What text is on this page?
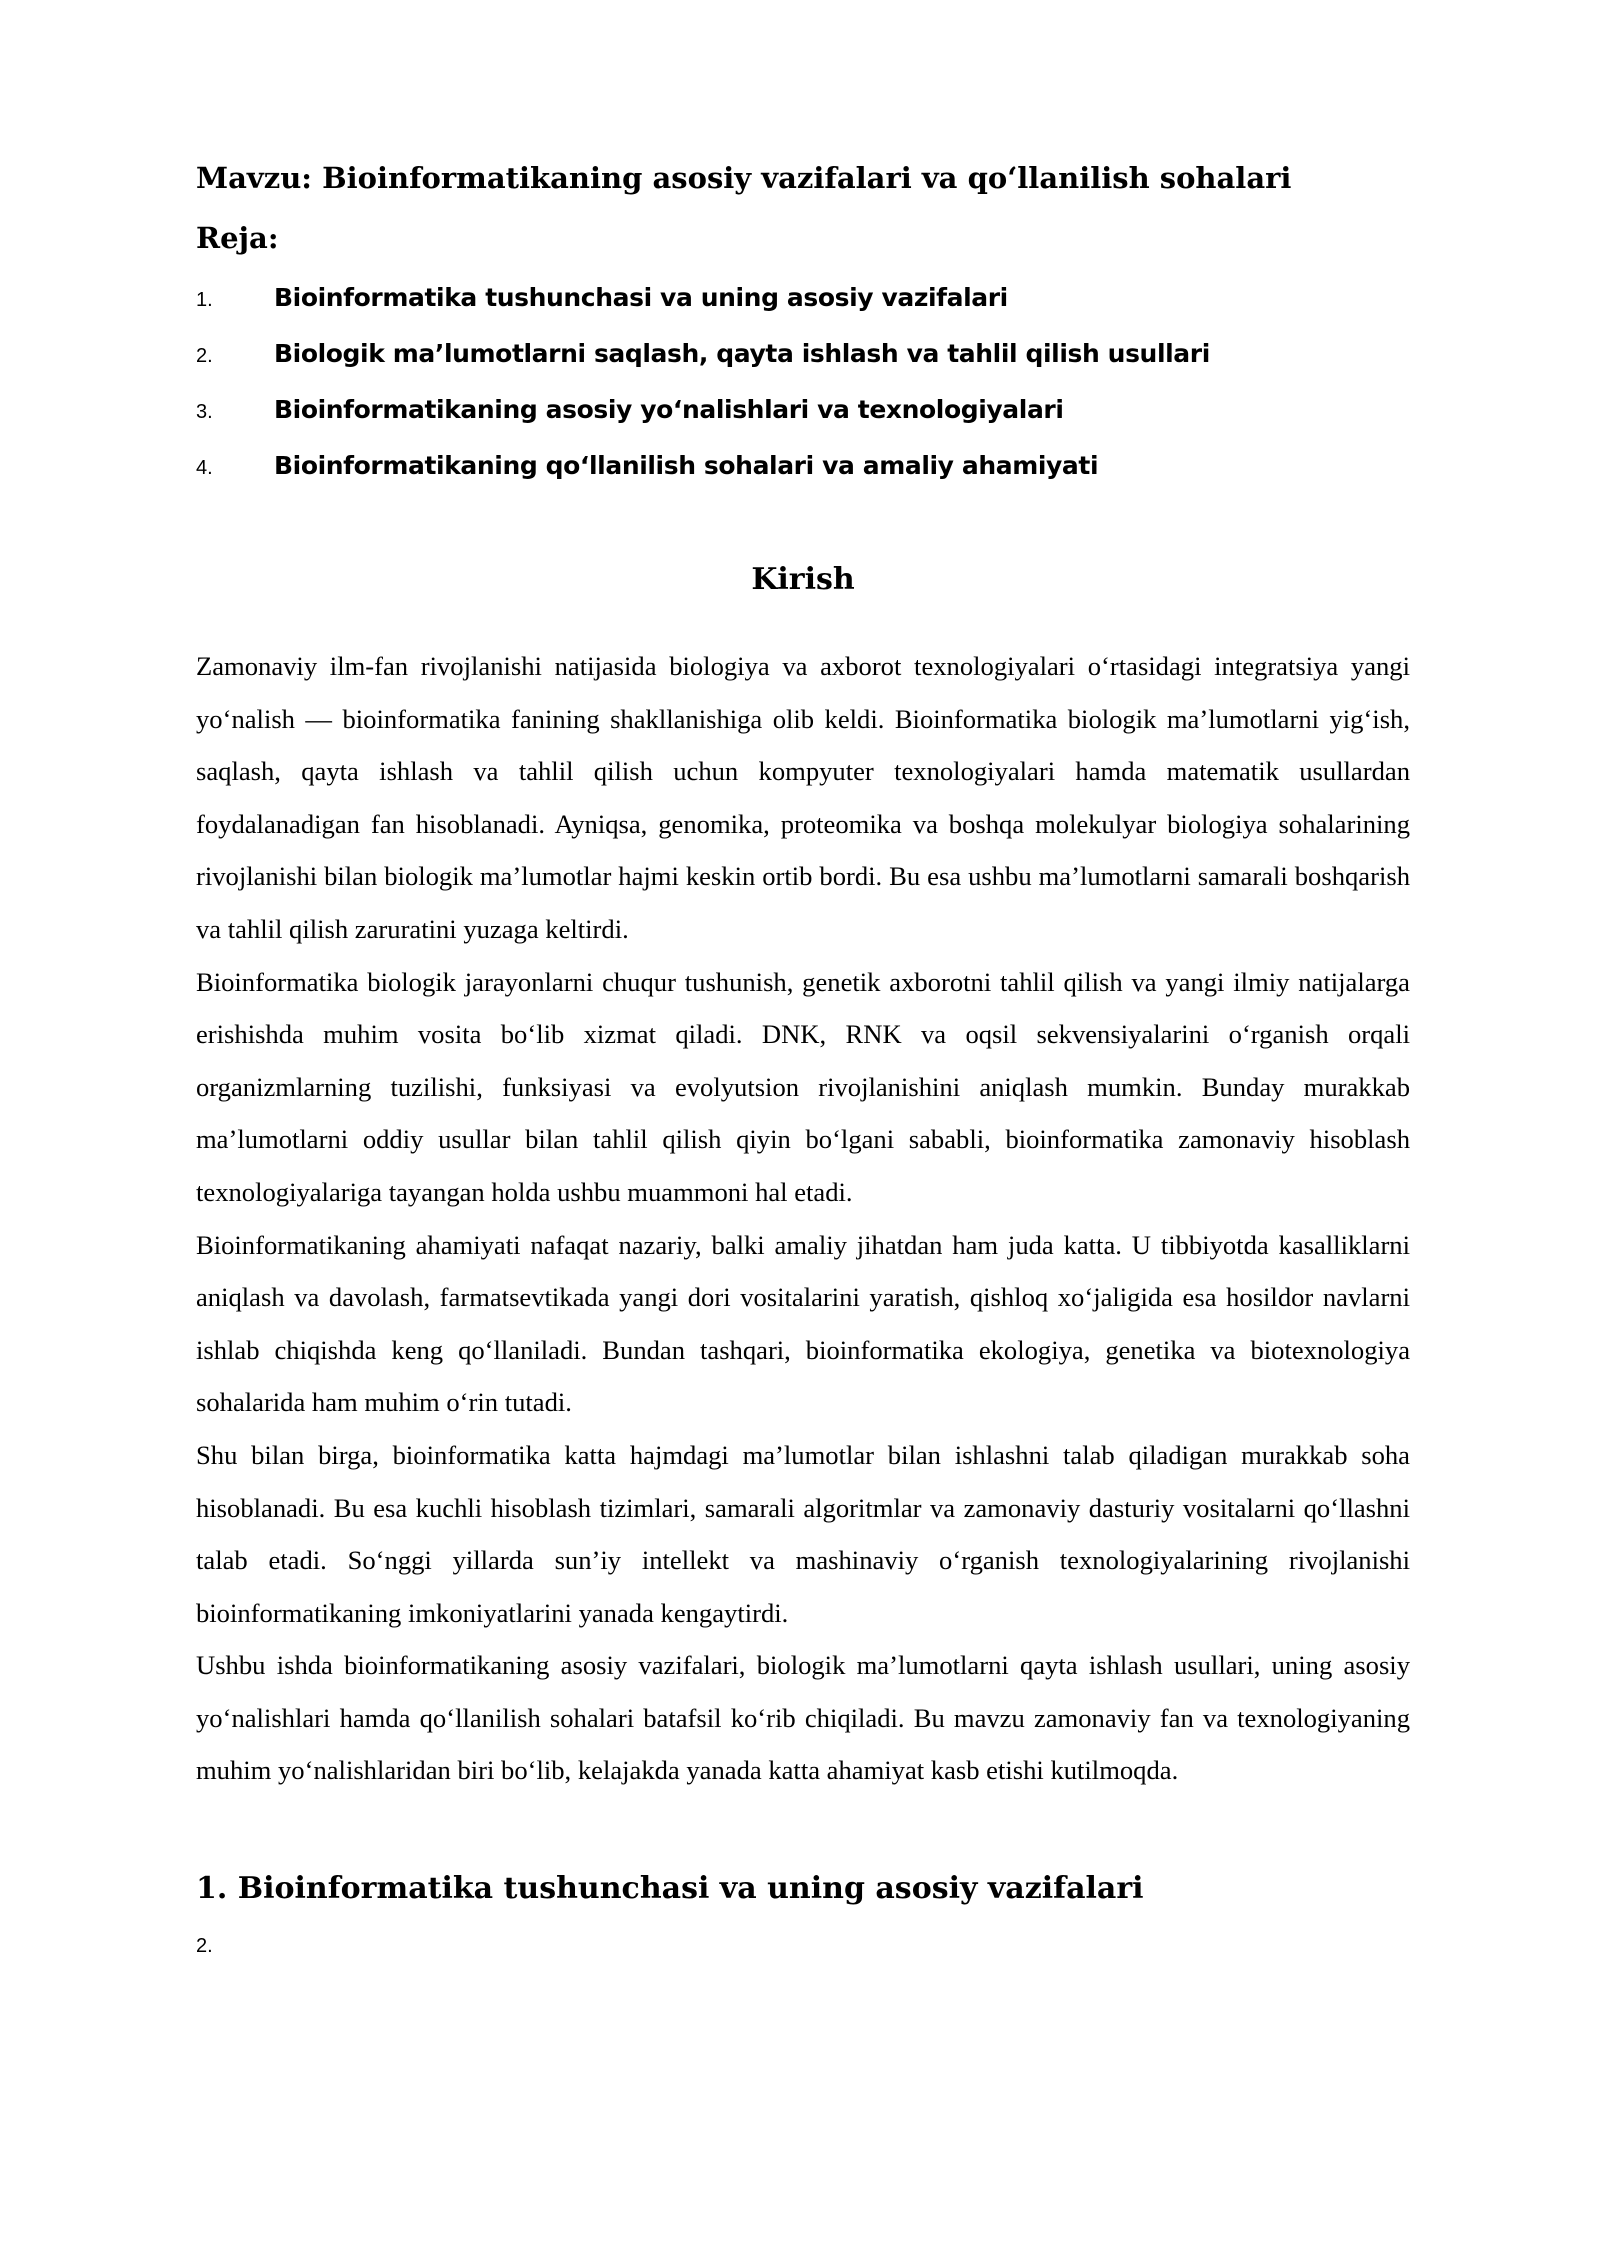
Mavzu: Bioinformatikaning asosiy vazifalari va qo‘llanilish sohalari
Reja:
1.	Bioinformatika tushunchasi va uning asosiy vazifalari
2.	Biologik ma’lumotlarni saqlash, qayta ishlash va tahlil qilish usullari
3.	Bioinformatikaning asosiy yo‘nalishlari va texnologiyalari
4.	Bioinformatikaning qo‘llanilish sohalari va amaliy ahamiyati
Kirish

Zamonaviy ilm-fan rivojlanishi natijasida biologiya va axborot texnologiyalari o‘rtasidagi integratsiya yangi yo‘nalish — bioinformatika fanining shakllanishiga olib keldi. Bioinformatika biologik ma’lumotlarni yig‘ish, saqlash, qayta ishlash va tahlil qilish uchun kompyuter texnologiyalari hamda matematik usullardan foydalanadigan fan hisoblanadi. Ayniqsa, genomika, proteomika va boshqa molekulyar biologiya sohalarining rivojlanishi bilan biologik ma’lumotlar hajmi keskin ortib bordi. Bu esa ushbu ma’lumotlarni samarali boshqarish va tahlil qilish zaruratini yuzaga keltirdi.

Bioinformatika biologik jarayonlarni chuqur tushunish, genetik axborotni tahlil qilish va yangi ilmiy natijalarga erishishda muhim vosita bo‘lib xizmat qiladi. DNK, RNK va oqsil sekvensiyalarini o‘rganish orqali organizmlarning tuzilishi, funksiyasi va evolyutsion rivojlanishini aniqlash mumkin. Bunday murakkab ma’lumotlarni oddiy usullar bilan tahlil qilish qiyin bo‘lgani sababli, bioinformatika zamonaviy hisoblash texnologiyalariga tayangan holda ushbu muammoni hal etadi.

Bioinformatikaning ahamiyati nafaqat nazariy, balki amaliy jihatdan ham juda katta. U tibbiyotda kasalliklarni aniqlash va davolash, farmatsevtikada yangi dori vositalarini yaratish, qishloq xo‘jaligida esa hosildor navlarni ishlab chiqishda keng qo‘llaniladi. Bundan tashqari, bioinformatika ekologiya, genetika va biotexnologiya sohalarida ham muhim o‘rin tutadi.

Shu bilan birga, bioinformatika katta hajmdagi ma’lumotlar bilan ishlashni talab qiladigan murakkab soha hisoblanadi. Bu esa kuchli hisoblash tizimlari, samarali algoritmlar va zamonaviy dasturiy vositalarni qo‘llashni talab etadi. So‘nggi yillarda sun’iy intellekt va mashinaviy o‘rganish texnologiyalarining rivojlanishi bioinformatikaning imkoniyatlarini yanada kengaytirdi.

Ushbu ishda bioinformatikaning asosiy vazifalari, biologik ma’lumotlarni qayta ishlash usullari, uning asosiy yo‘nalishlari hamda qo‘llanilish sohalari batafsil ko‘rib chiqiladi. Bu mavzu zamonaviy fan va texnologiyaning muhim yo‘nalishlaridan biri bo‘lib, kelajakda yanada katta ahamiyat kasb etishi kutilmoqda.

1. Bioinformatika tushunchasi va uning asosiy vazifalari
2.
